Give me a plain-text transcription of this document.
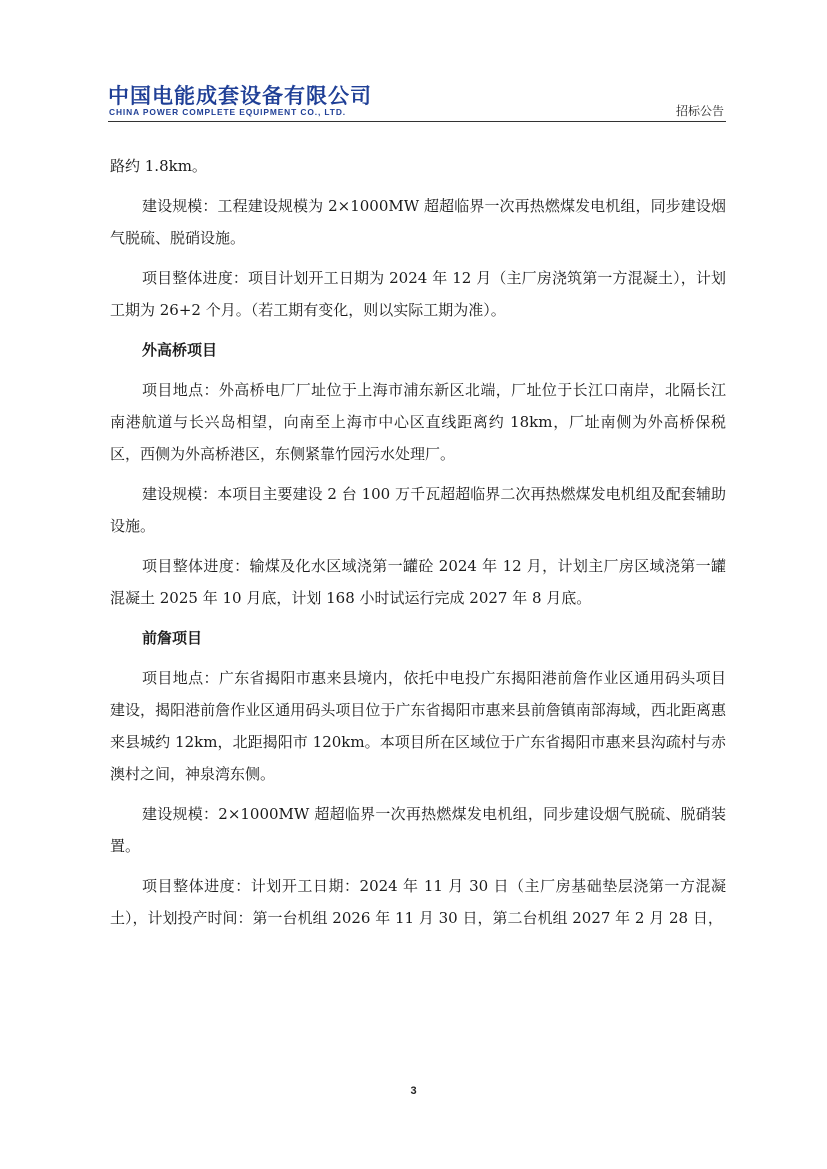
中国电能成套设备有限公司
CHINA POWER COMPLETE EQUIPMENT CO., LTD.	招标公告

路约 1.8km。

建设规模：工程建设规模为 2×1000MW 超超临界一次再热燃煤发电机组，同步建设烟气脱硫、脱硝设施。

项目整体进度：项目计划开工日期为 2024 年 12 月（主厂房浇筑第一方混凝土），计划工期为 26+2 个月。（若工期有变化，则以实际工期为准）。

外高桥项目

项目地点：外高桥电厂厂址位于上海市浦东新区北端，厂址位于长江口南岸，北隔长江南港航道与长兴岛相望，向南至上海市中心区直线距离约 18km，厂址南侧为外高桥保税区，西侧为外高桥港区，东侧紧靠竹园污水处理厂。

建设规模：本项目主要建设 2 台 100 万千瓦超超临界二次再热燃煤发电机组及配套辅助设施。

项目整体进度：输煤及化水区域浇第一罐砼 2024 年 12 月，计划主厂房区域浇第一罐混凝土 2025 年 10 月底，计划 168 小时试运行完成 2027 年 8 月底。

前詹项目

项目地点：广东省揭阳市惠来县境内，依托中电投广东揭阳港前詹作业区通用码头项目建设，揭阳港前詹作业区通用码头项目位于广东省揭阳市惠来县前詹镇南部海域，西北距离惠来县城约 12km，北距揭阳市 120km。本项目所在区域位于广东省揭阳市惠来县沟疏村与赤澳村之间，神泉湾东侧。

建设规模：2×1000MW 超超临界一次再热燃煤发电机组，同步建设烟气脱硫、脱硝装置。

项目整体进度：计划开工日期：2024 年 11 月 30 日（主厂房基础垫层浇第一方混凝土），计划投产时间：第一台机组 2026 年 11 月 30 日，第二台机组 2027 年 2 月 28 日，

3
